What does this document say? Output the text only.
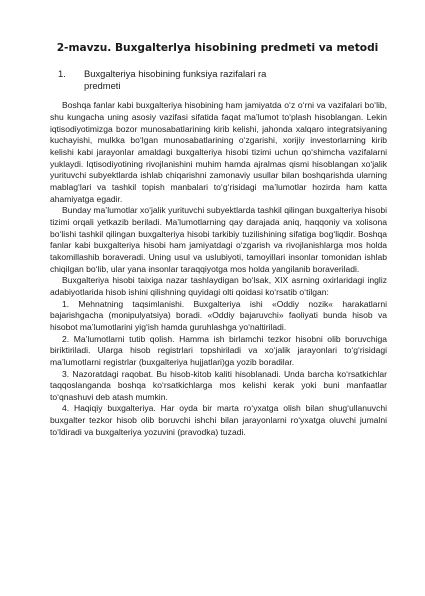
2-mavzu. Buxgalterlya hisobining predmeti va metodi
1.	Buxgalteriya hisobining funksiya razifalari ra predmeti

Boshqa fanlar kabi buxgalteriya hisobining ham jamiyatda o‘z o‘rni va vazifalari bo‘lib, shu kungacha uning asosiy vazifasi sifatida faqat ma’lumot to‘plash hisoblangan. Lekin iqtisodiyotimizga bozor munosabatlarining kirib kelishi, jahonda xalqaro integratsiyaning kuchayishi, mulkka bo‘lgan munosabatlarining o‘zgarishi, xorijiy investorlarning kirib kelishi kabi jarayonlar amaldagi buxgalteriya hisobi tizimi uchun qo‘shimcha vazifalarni yuklaydi. Iqtisodiyotining rivojlanishini muhim hamda ajralmas qismi hisoblangan xo‘jalik yurituvchi subyektlarda ishlab chiqarishni zamonaviy usullar bilan boshqarishda ularning mablag‘lari va tashkil topish manbalari to‘g‘risidagi ma’lumotlar hozirda ham katta ahamiyatga egadir.

Bunday ma’lumotlar xo‘jalik yurituvchi subyektlarda tashkil qilingan buxgalteriya hisobi tizimi orqali yetkazib beriladi. Ma’lumotlarning qay darajada aniq, haqqoniy va xolisona bo‘lishi tashkil qilingan buxgalteriya hisobi tarkibiy tuzilishining sifatiga bog‘liqdir. Boshqa fanlar kabi buxgalteriya hisobi ham jamiyatdagi o‘zgarish va rivojlanishlarga mos holda takomillashib boraveradi. Uning usul va uslubiyoti, tamoyillari insonlar tomonidan ishlab chiqilgan bo‘lib, ular yana insonlar taraqqiyotga mos holda yangilanib boraveriladi.

Buxgalteriya hisobi taixiga nazar tashlaydigan bo‘lsak, XIX asrning oxirlaridagi ingliz adabiyotlarida hisob ishini qilishning quyidagi olti qoidasi ko‘rsatib o‘tilgan:

1. Mehnatning taqsimlanishi. Buxgalteriya ishi «Oddiy nozik« harakatlarni bajarishgacha (monipulyatsiya) boradi. «Oddiy bajaruvchi» faoliyati bunda hisob va hisobot ma’lumotlarini yig‘ish hamda guruhlashga yo‘naltiriladi.

2. Ma’lumotlarni tutib qolish. Hamma ish birlamchi tezkor hisobni olib boruvchiga biriktiriladi. Ularga hisob registrlari topshiriladi va xo‘jalik jarayonlari to‘g‘risidagi ma’lumotlarni registrlar (buxgalteriya hujjatlari)ga yozib boradilar.

3. Nazoratdagi raqobat. Bu hisob-kitob kaliti hisoblanadi. Unda barcha ko‘rsatkichlar taqqoslanganda boshqa ko‘rsatkichlarga mos kelishi kerak yoki buni manfaatlar to‘qnashuvi deb atash mumkin.

4. Haqiqiy buxgalteriya. Har oyda bir marta ro‘yxatga olish bilan shug‘ullanuvchi buxgalter tezkor hisob olib boruvchi ishchi bilan jarayonlarni ro‘yxatga oluvchi jumalni to‘ldiradi va buxgalteriya yozuvini (pravodka) tuzadi.
